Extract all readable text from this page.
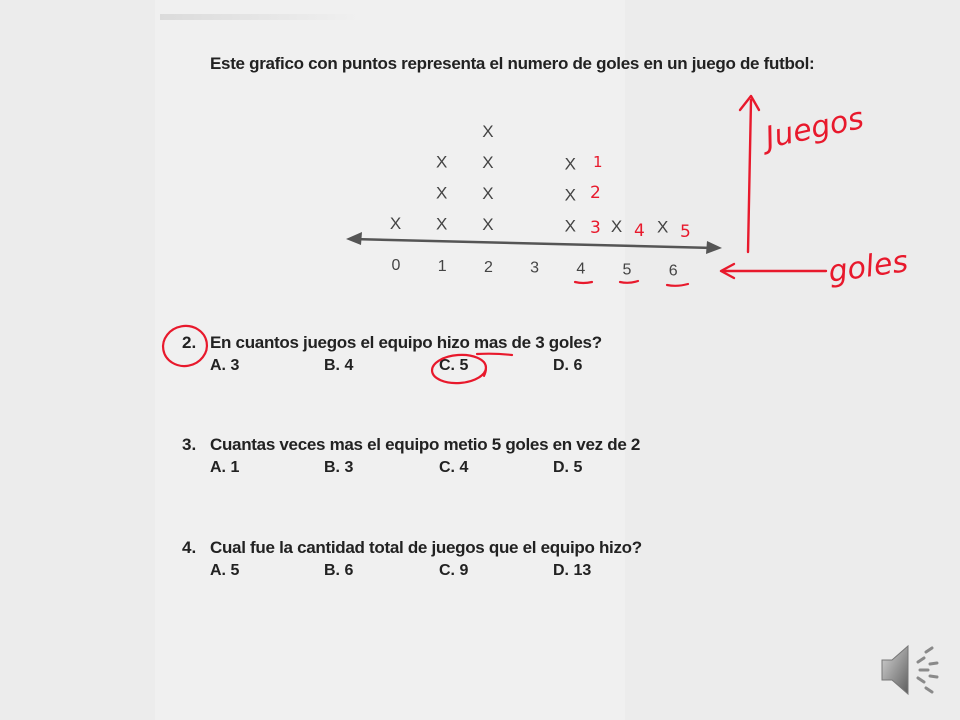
Este grafico con puntos representa el numero de goles en un juego de futbol:
0 1 2 3 4 5 6
X X
X
X
X
X
X
X
X
X
X
X X
1
2
3 4 5
Juegos
goles
2. En cuantos juegos el equipo hizo mas de 3 goles?
A. 3	B. 4	C. 5	D. 6
3. Cuantas veces mas el equipo metio 5 goles en vez de 2
A. 1	B. 3	C. 4	D. 5
4. Cual fue la cantidad total de juegos que el equipo hizo?
A. 5	B. 6	C. 9	D. 13
